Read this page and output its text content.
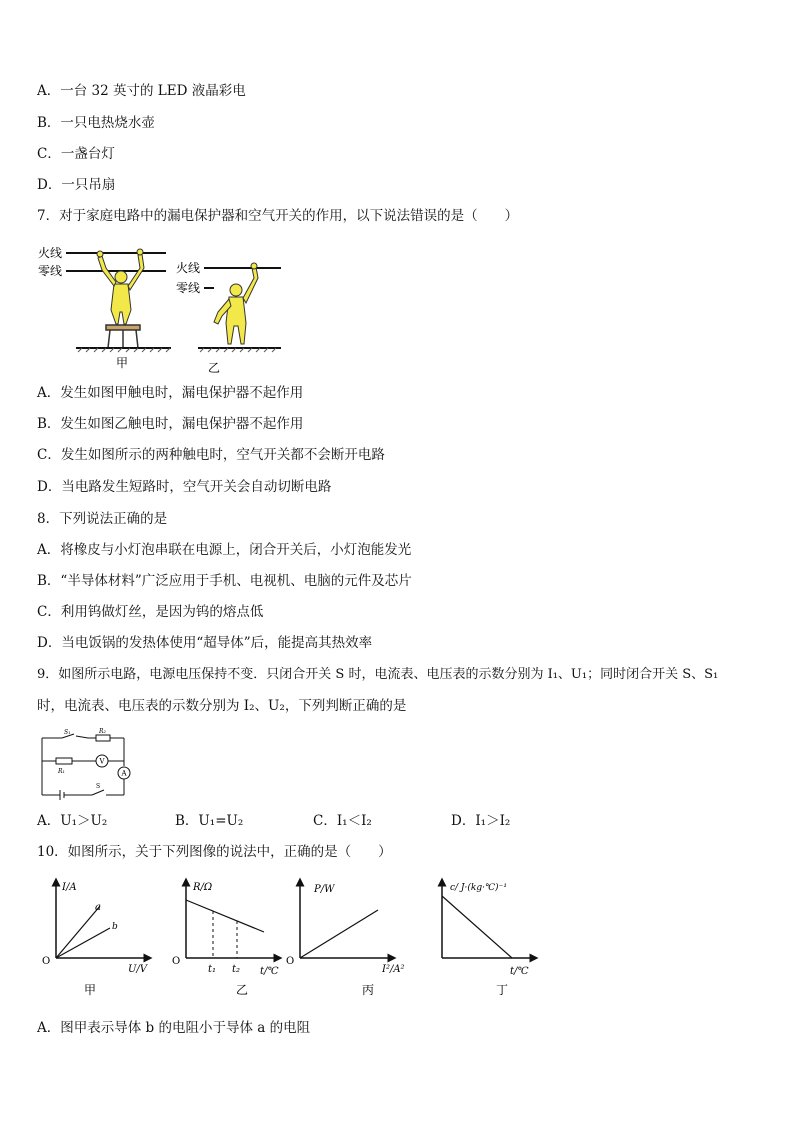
A．一台 32 英寸的 LED 液晶彩电
B．一只电热烧水壶
C．一盏台灯
D．一只吊扇
7．对于家庭电路中的漏电保护器和空气开关的作用，以下说法错误的是（　　）
火线
零线
甲
火线
零线
乙
A．发生如图甲触电时，漏电保护器不起作用
B．发生如图乙触电时，漏电保护器不起作用
C．发生如图所示的两种触电时，空气开关都不会断开电路
D．当电路发生短路时，空气开关会自动切断电路
8．下列说法正确的是
A．将橡皮与小灯泡串联在电源上，闭合开关后，小灯泡能发光
B．“半导体材料”广泛应用于手机、电视机、电脑的元件及芯片
C．利用钨做灯丝，是因为钨的熔点低
D．当电饭锅的发热体使用“超导体”后，能提高其热效率
9．如图所示电路，电源电压保持不变．只闭合开关 S 时，电流表、电压表的示数分别为 I₁、U₁；同时闭合开关 S、S₁
时，电流表、电压表的示数分别为 I₂、U₂，下列判断正确的是
S₁	R₂
R₁
V
A
S
A．U₁＞U₂	B．U₁=U₂	C．I₁＜I₂	D．I₁＞I₂
10．如图所示，关于下列图像的说法中，正确的是（　　）
I/A
U/V
O
a
b
甲
R/Ω
t/℃
O
t₁ t₂
乙
P/W
I²/A²
O
丙
c/ J·(kg·℃)⁻¹
t/℃
丁
A．图甲表示导体 b 的电阻小于导体 a 的电阻
